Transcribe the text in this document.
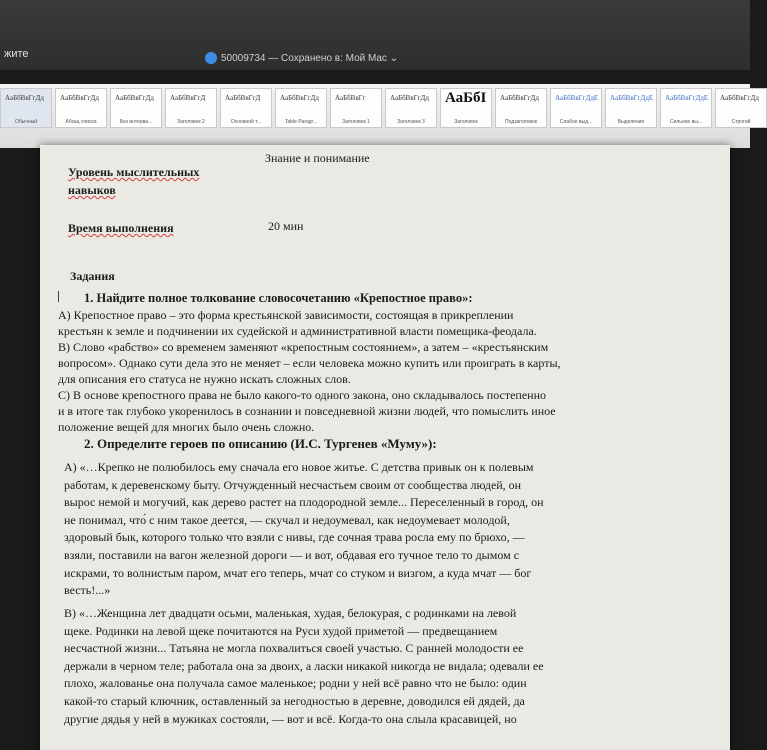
жите	50009734 — Сохранено в: Мой Mac ⌄
АаБбВвГгДд
Обычный
АаБбВвГгДд
Абзац списка
АаБбВвГгДд
Без интерва...
АаБбВвГгД
Заголовок 2
АаБбВвГгД
Основной т...
АаБбВвГгДд
Table Paragr...
АаБбВвГг
Заголовок 1
АаБбВвГгДд
Заголовок 3
АаБбI
Заголовок
АаБбВвГгДд
Подзаголовок
АаБбВвГгДдЕ
Слабое выд...
АаБбВвГгДдЕ
Выделение
АаБбВвГгДдЕ
Сильное вы...
АаБбВвГгДд
Строгий
Знание и понимание
Уровень мыслительных
навыков
Время выполнения	20 мин
Задания
1. Найдите полное толкование словосочетанию «Крепостное право»:
А) Крепостное право – это форма крестьянской зависимости, состоящая в прикреплении
крестьян к земле и подчинении их судейской и административной власти помещика-феодала.
В) Слово «рабство» со временем заменяют «крепостным состоянием», а затем – «крестьянским
вопросом». Однако сути дела это не меняет – если человека можно купить или проиграть в карты,
для описания его статуса не нужно искать сложных слов.
С) В основе крепостного права не было какого-то одного закона, оно складывалось постепенно
и в итоге так глубоко укоренилось в сознании и повседневной жизни людей, что помыслить иное
положение вещей для многих было очень сложно.
2. Определите героев по описанию (И.С. Тургенев «Муму»):
А) «…Крепко не полюбилось ему сначала его новое житье. С детства привык он к полевым
работам, к деревенскому быту. Отчужденный несчастьем своим от сообщества людей, он
вырос немой и могучий, как дерево растет на плодородной земле... Переселенный в город, он
не понимал, что́ с ним такое деется, — скучал и недоумевал, как недоумевает молодой,
здоровый бык, которого только что взяли с нивы, где сочная трава росла ему по брюхо, —
взяли, поставили на вагон железной дороги — и вот, обдавая его тучное тело то дымом с
искрами, то волнистым паром, мчат его теперь, мчат со стуком и визгом, а куда мчат — бог
весть!...»
В) «…Женщина лет двадцати осьми, маленькая, худая, белокурая, с родинками на левой
щеке. Родинки на левой щеке почитаются на Руси худой приметой — предвещанием
несчастной жизни... Татьяна не могла похвалиться своей участью. С ранней молодости ее
держали в черном теле; работала она за двоих, а ласки никакой никогда не видала; одевали ее
плохо, жалованье она получала самое маленькое; родни у ней всё равно что не было: один
какой-то старый ключник, оставленный за негодностью в деревне, доводился ей дядей, да
другие дядья у ней в мужиках состояли, — вот и всё. Когда-то она слыла красавицей, но
